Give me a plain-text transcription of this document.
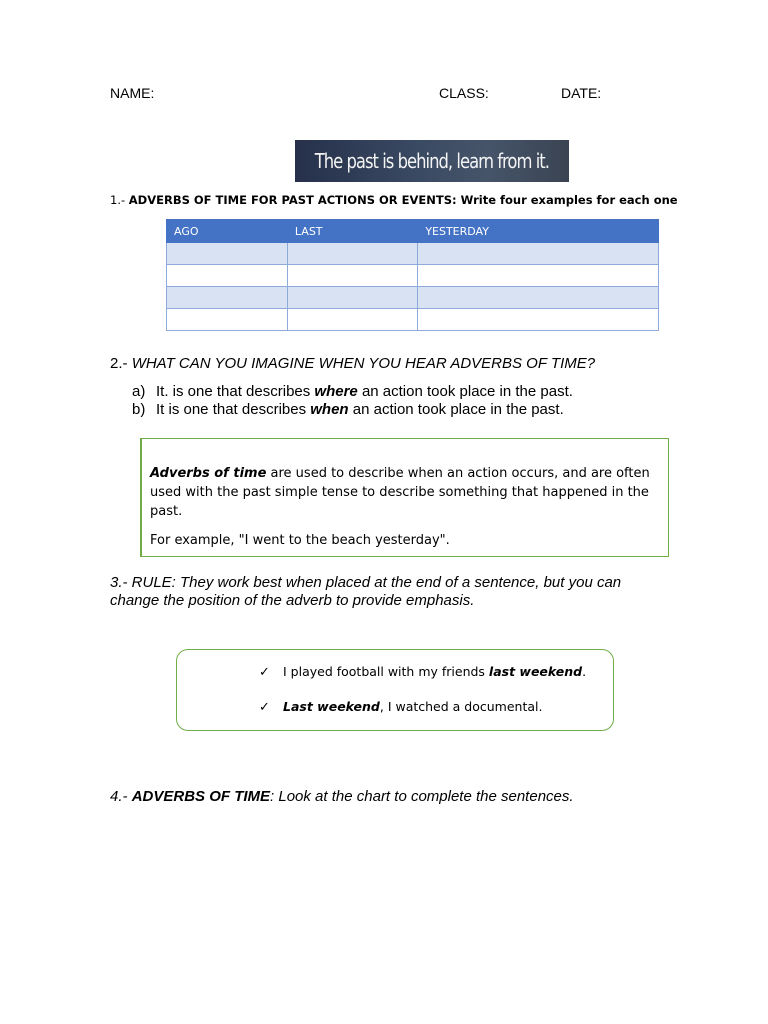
NAME:	CLASS:	DATE:
The past is behind, learn from it.
1.- ADVERBS OF TIME FOR PAST ACTIONS OR EVENTS: Write four examples for each one
AGO	LAST	YESTERDAY

2.- WHAT CAN YOU IMAGINE WHEN YOU HEAR ADVERBS OF TIME?
a) It. is one that describes where an action took place in the past.
b) It is one that describes when an action took place in the past.

Adverbs of time are used to describe when an action occurs, and are often used with the past simple tense to describe something that happened in the past.

For example, "I went to the beach yesterday".

3.- RULE: They work best when placed at the end of a sentence, but you can change the position of the adverb to provide emphasis.
✓ I played football with my friends last weekend.
✓ Last weekend, I watched a documental.
4.- ADVERBS OF TIME: Look at the chart to complete the sentences.
